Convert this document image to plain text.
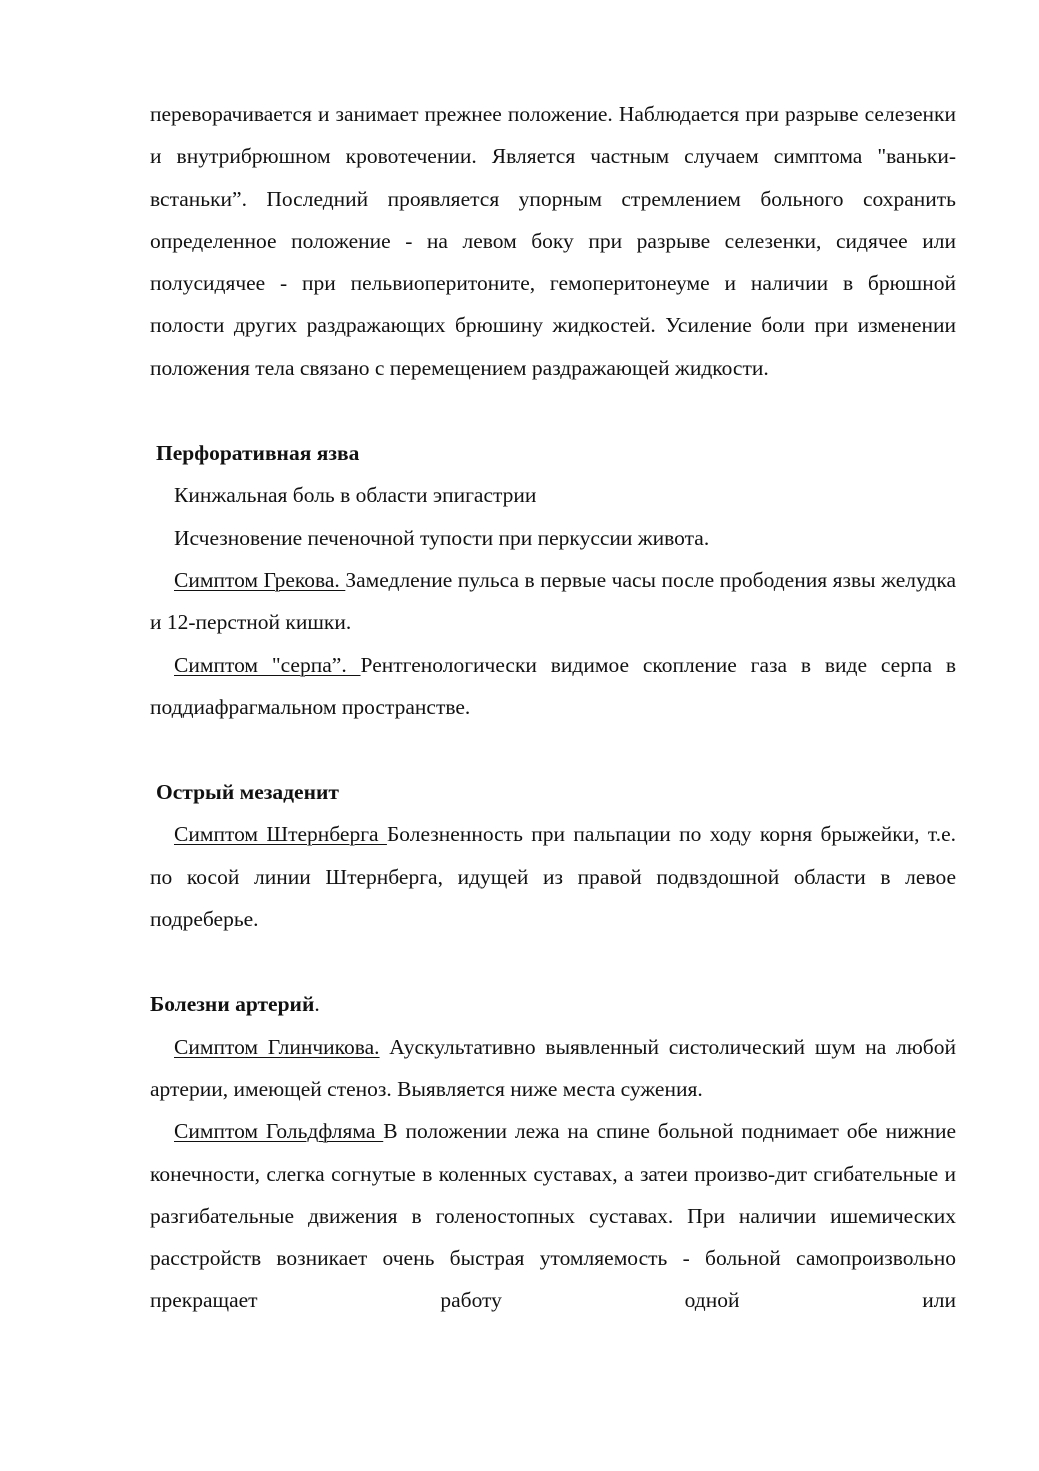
переворачивается и занимает прежнее положение. Наблюдается при разрыве селезенки и внутрибрюшном кровотечении. Является частным случаем симптома "ваньки-встаньки”. Последний проявляется упорным стремлением больного сохранить определенное положение - на левом боку при разрыве селезенки, сидячее или полусидячее - при пельвиоперитоните, гемоперитонеуме и наличии в брюшной полости других раздражающих брюшину жидкостей. Усиление боли при изменении положения тела связано с перемещением раздражающей жидкости.

Перфоративная язва

Кинжальная боль в области эпигастрии

Исчезновение печеночной тупости при перкуссии живота.

Симптом Грекова. Замедление пульса в первые часы после прободения язвы желудка и 12-перстной кишки.

Симптом "серпа”. Рентгенологически видимое скопление газа в виде серпа в поддиафрагмальном пространстве.

Острый мезаденит

Симптом Штернберга Болезненность при пальпации по ходу корня брыжейки, т.е. по косой линии Штернберга, идущей из правой подвздошной области в левое подреберье.

Болезни артерий.

Симптом Глинчикова. Аускультативно выявленный систолический шум на любой артерии, имеющей стеноз. Выявляется ниже места сужения.

Симптом Гольдфляма В положении лежа на спине больной поднимает обе нижние конечности, слегка согнутые в коленных суставах, а затеи произво-дит сгибательные и разгибательные движения в голеностопных суставах. При наличии ишемических расстройств возникает очень быстрая утомляемость - больной самопроизвольно прекращает работу одной или
